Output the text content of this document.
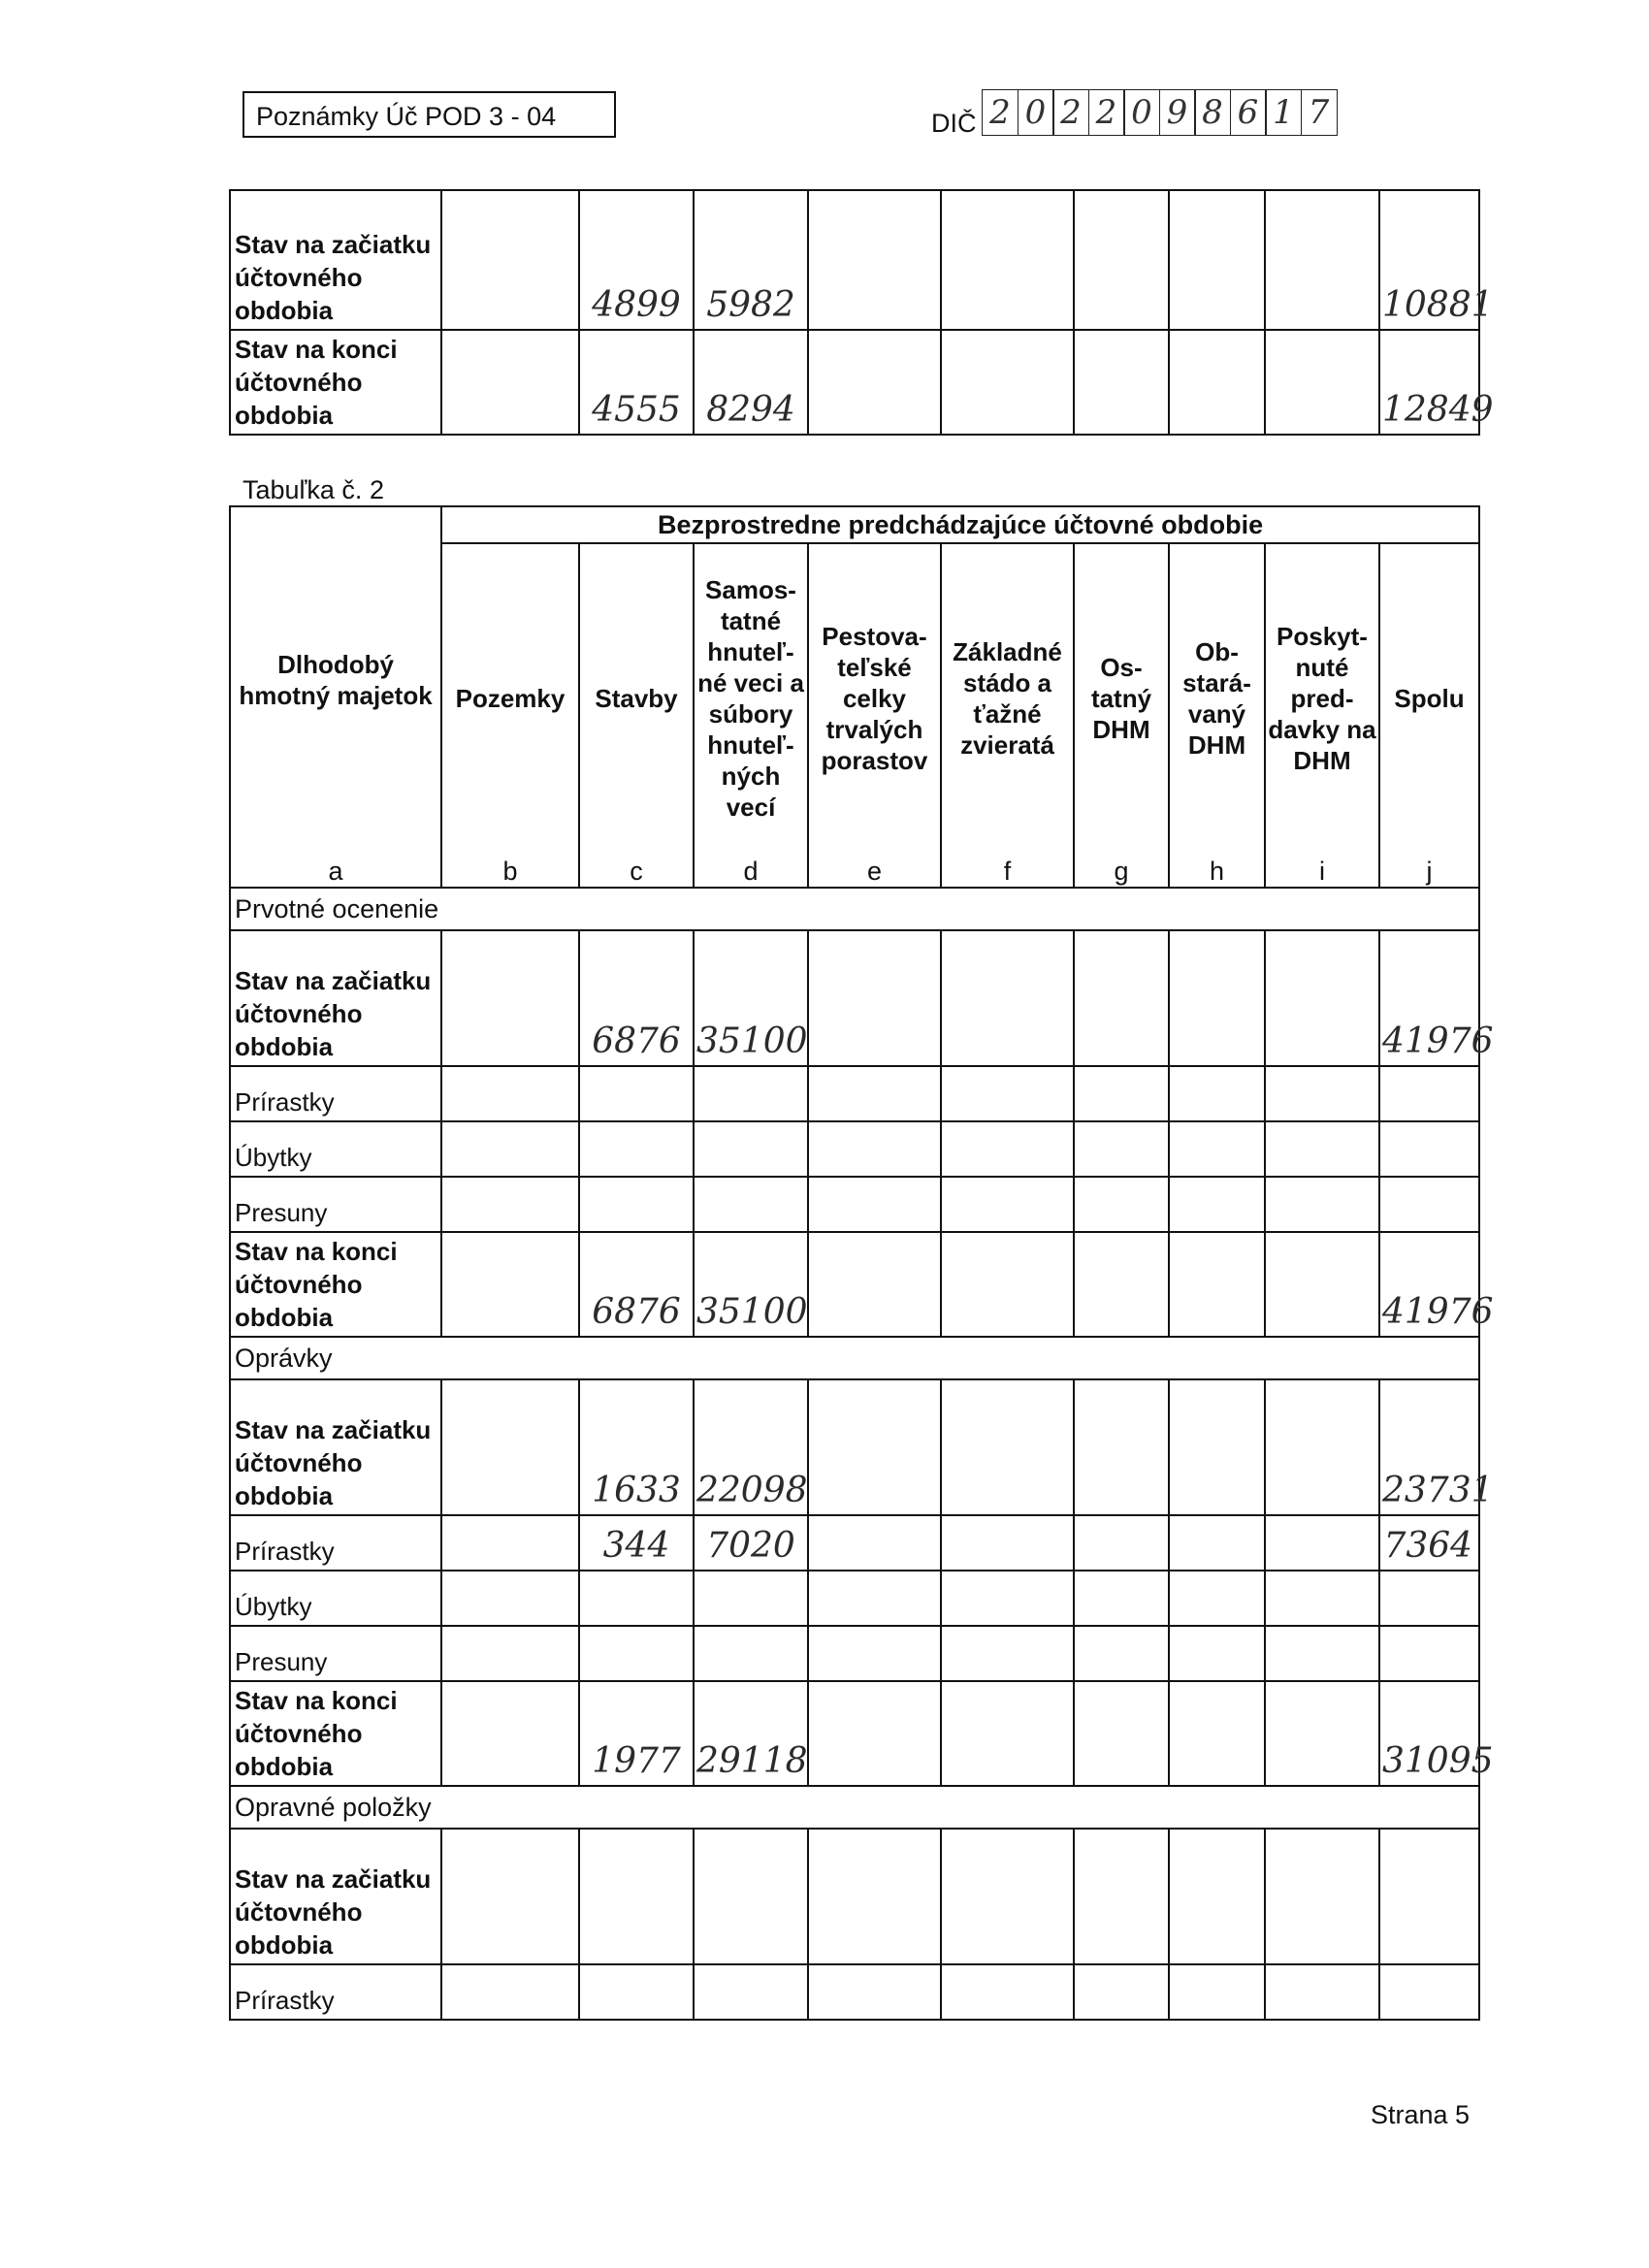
Poznámky Úč POD 3 - 04	DIČ 2 0 2 2 0 9 8 6 1 7
Stav na začiatku účtovného obdobia		4899	5982						10881
Stav na konci účtovného obdobia		4555	8294						12849
Tabuľka č. 2
Dlhodobý hmotný majetok	Bezprostredne predchádzajúce účtovné obdobie								
	Pozemky	Stavby	Samos-tatné hnuteľ-né veci a súbory hnuteľ-ných vecí	Pestova-teľské celky trvalých porastov	Základné stádo a ťažné zvieratá	Os-tatný DHM	Ob-stará-vaný DHM	Poskyt-nuté pred-davky na DHM	Spolu
a	b	c	d	e	f	g	h	i	j
Prvotné ocenenie									
Stav na začiatku účtovného obdobia		6876	35100						41976
Prírastky									
Úbytky									
Presuny									
Stav na konci účtovného obdobia		6876	35100						41976
Oprávky									
Stav na začiatku účtovného obdobia		1633	22098						23731
Prírastky		344	7020						7364
Úbytky									
Presuny									
Stav na konci účtovného obdobia		1977	29118						31095
Opravné položky									
Stav na začiatku účtovného obdobia									
Prírastky									
Strana 5
